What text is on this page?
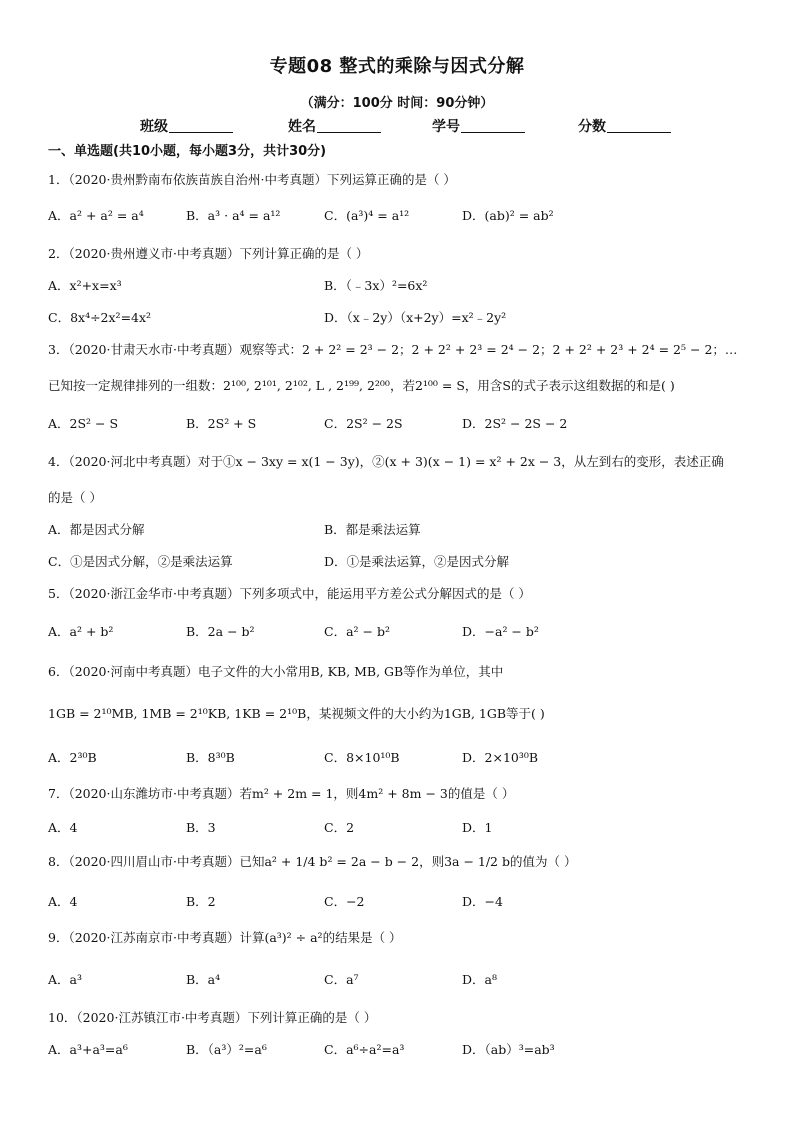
专题08 整式的乘除与因式分解
（满分：100分 时间：90分钟）
班级	姓名	学号	分数
一、单选题(共10小题，每小题3分，共计30分)
1．（2020·贵州黔南布依族苗族自治州·中考真题）下列运算正确的是（ ）
A．a² + a² = a⁴	B．a³ · a⁴ = a¹²	C．(a³)⁴ = a¹²	D．(ab)² = ab²
2．（2020·贵州遵义市·中考真题）下列计算正确的是（ ）
A．x²+x=x³	B．（﹣3x）²=6x²
C．8x⁴÷2x²=4x²	D．（x﹣2y）（x+2y）=x²﹣2y²
3．（2020·甘肃天水市·中考真题）观察等式：2 + 2² = 2³ − 2；2 + 2² + 2³ = 2⁴ − 2；2 + 2² + 2³ + 2⁴ = 2⁵ − 2；…
已知按一定规律排列的一组数：2¹⁰⁰, 2¹⁰¹, 2¹⁰², L , 2¹⁹⁹, 2²⁰⁰，若2¹⁰⁰ = S，用含S的式子表示这组数据的和是( )
A．2S² − S	B．2S² + S	C．2S² − 2S	D．2S² − 2S − 2
4．（2020·河北中考真题）对于①x − 3xy = x(1 − 3y)，②(x + 3)(x − 1) = x² + 2x − 3，从左到右的变形，表述正确
的是（ ）
A．都是因式分解	B．都是乘法运算
C．①是因式分解，②是乘法运算	D．①是乘法运算，②是因式分解
5．（2020·浙江金华市·中考真题）下列多项式中，能运用平方差公式分解因式的是（ ）
A．a² + b²	B．2a − b²	C．a² − b²	D．−a² − b²
6．（2020·河南中考真题）电子文件的大小常用B, KB, MB, GB等作为单位，其中
1GB = 2¹⁰MB, 1MB = 2¹⁰KB, 1KB = 2¹⁰B，某视频文件的大小约为1GB, 1GB等于( )
A．2³⁰B	B．8³⁰B	C．8×10¹⁰B	D．2×10³⁰B
7．（2020·山东潍坊市·中考真题）若m² + 2m = 1，则4m² + 8m − 3的值是（ ）
A．4	B．3	C．2	D．1
8．（2020·四川眉山市·中考真题）已知a² + 1/4 b² = 2a − b − 2，则3a − 1/2 b的值为（ ）
A．4	B．2	C．−2	D．−4
9．（2020·江苏南京市·中考真题）计算(a³)² ÷ a²的结果是（ ）
A．a³	B．a⁴	C．a⁷	D．a⁸
10．（2020·江苏镇江市·中考真题）下列计算正确的是（ ）
A．a³+a³=a⁶	B．（a³）²=a⁶	C．a⁶÷a²=a³	D．（ab）³=ab³
